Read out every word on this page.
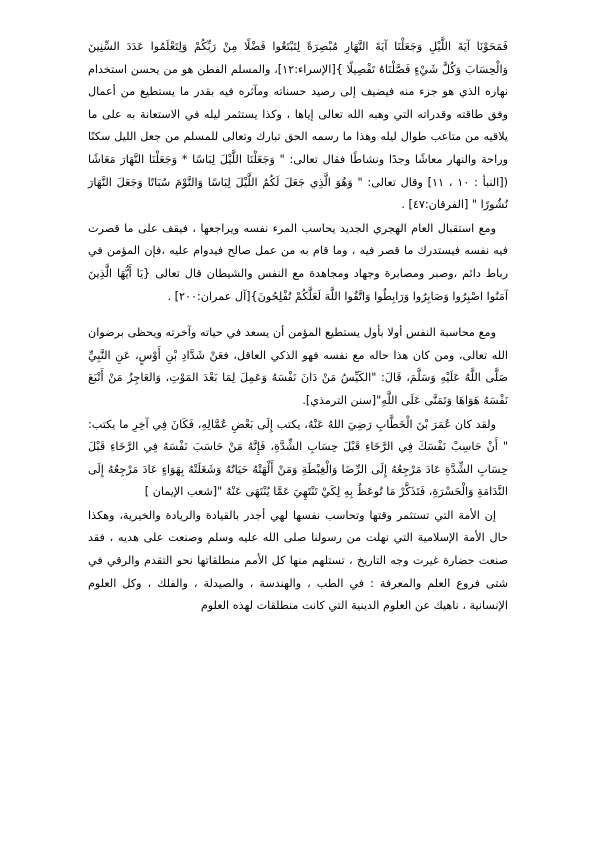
فَمَحَوْنَا آيَةَ اللَّيْلِ وَجَعَلْنَا آيَةَ النَّهَارِ مُبْصِرَةً لِتَبْتَغُوا فَضْلًا مِنْ رَبِّكُمْ وَلِتَعْلَمُوا عَدَدَ السِّنِينَ وَالْحِسَابَ وَكُلَّ شَيْءٍ فَصَّلْنَاهُ تَفْصِيلًا }[الإسراء:١٢]، والمسلم الفطن هو من يحسن استخدام نهاره الذي هو جزء منه فيضيف إلى رصيد حسناته ومآثره فيه بقدر ما يستطيع من أعمال وفق طاقته وقدراته التي وهبه الله تعالى إياها ، وكذا يستثمر ليله في الاستعانة به على ما يلاقيه من متاعب طوال ليله وهذا ما رسمه الحق تبارك وتعالى للمسلم من جعل الليل سكنًا وراحة والنهار معاشًا وجدًا ونشاطًا فقال تعالى: " وَجَعَلْنَا اللَّيْلَ لِبَاسًا * وَجَعَلْنَا النَّهَارَ مَعَاشًا ([النبأ : ١٠ ، ١١] وقال تعالى: " وَهُوَ الَّذِي جَعَلَ لَكُمُ اللَّيْلَ لِبَاسًا وَالنَّوْمَ سُبَاتًا وَجَعَلَ النَّهَارَ نُشُورًا " [الفرقان:٤٧] .

ومع استقبال العام الهجري الجديد يحاسب المرء نفسه ويراجعها ، فيقف على ما قصرت فيه نفسه فيستدرك ما قصر فيه ، وما قام به من عمل صالح فيدوام عليه ،فإن المؤمن في رباط دائم ،وصبر ومصابرة وجهاد ومجاهدة مع النفس والشيطان قال تعالى {يَا أَيُّهَا الَّذِينَ آمَنُوا اصْبِرُوا وَصَابِرُوا وَرَابِطُوا وَاتَّقُوا اللَّهَ لَعَلَّكُمْ تُفْلِحُونَ}[آل عمران:٢٠٠] .

ومع محاسبة النفس أولا بأول يستطيع المؤمن أن يسعد في حياته وآخرته ويحظى برضوان الله تعالى، ومن كان هذا حاله مع نفسه فهو الذكي العاقل، فعَنْ شَدَّادِ بْنِ أَوْسٍ، عَنِ النَّبِيِّ صَلَّى اللَّهُ عَلَيْهِ وَسَلَّمَ، قَالَ: "الكَيِّسُ مَنْ دَانَ نَفْسَهُ وَعَمِلَ لِمَا بَعْدَ المَوْتِ، وَالعَاجِزُ مَنْ أَتْبَعَ نَفْسَهُ هَوَاهَا وَتَمَنَّى عَلَى اللَّهِ"[سنن الترمذي].

ولقد كان عُمَرَ بْنَ الْخَطَّابِ رَضِيَ اللهُ عَنْهُ، يكتب إِلَى بَعْضِ عُمَّالِهِ، فَكَانَ فِي آخِرِ ما يكتب: " أَنْ حَاسِبْ نَفْسَكَ فِي الرَّخَاءِ قَبْلَ حِسَابِ الشِّدَّةِ، فَإِنَّهُ مَنْ حَاسَبَ نَفْسَهُ فِي الرَّخَاءِ قَبْلَ حِسَابِ الشِّدَّةِ عَادَ مَرْجِعُهُ إِلَى الرِّضَا وَالْغِبْطَةِ وَمَنْ أَلْهَتْهُ حَيَاتُهُ وَشَغَلَتْهُ بِهَوَاءٍ عَادَ مَرْجِعُهُ إِلَى النَّدَامَةِ وَالْحَسْرَةِ، فَتَذَكَّرْ مَا تُوعَظُ بِهِ لِكَيْ تَنْتَهِيَ عَمَّا يُنْتَهَى عَنْهُ "[شعب الإيمان ]

إن الأمة التي تستثمر وقتها وتحاسب نفسها لهي أجدر بالقيادة والريادة والخيرية، وهكذا حال الأمة الإسلامية التي نهلت من رسولنا صلى الله عليه وسلم وصنعت على هديه ، فقد صنعت حضارة غيرت وجه التاريخ ، تستلهم منها كل الأمم منطلقاتها نحو التقدم والرقي في شتى فروع العلم والمعرفة : في الطب ، والهندسة ، والصيدلة ، والفلك ، وكل العلوم الإنسانية ، ناهيك عن العلوم الدينية التي كانت منطلقات لهذه العلوم
